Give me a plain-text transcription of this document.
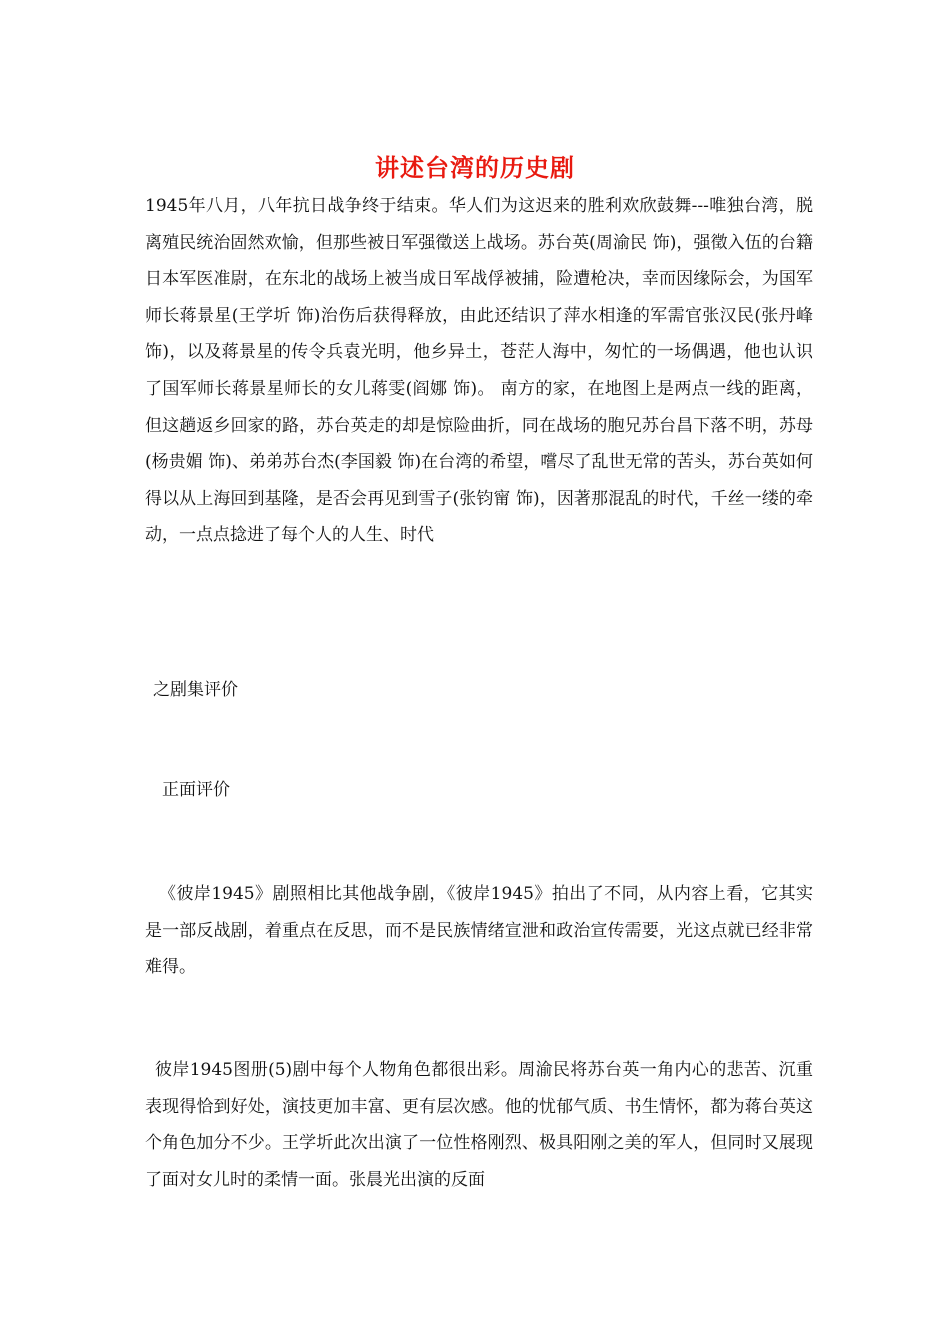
讲述台湾的历史剧

1945年八月，八年抗日战争终于结束。华人们为这迟来的胜利欢欣鼓舞---唯独台湾，脱离殖民统治固然欢愉，但那些被日军强徵送上战场。苏台英(周渝民 饰)，强徵入伍的台籍日本军医准尉，在东北的战场上被当成日军战俘被捕，险遭枪决，幸而因缘际会，为国军师长蒋景星(王学圻 饰)治伤后获得释放，由此还结识了萍水相逢的军需官张汉民(张丹峰 饰)，以及蒋景星的传令兵袁光明，他乡异土，苍茫人海中，匆忙的一场偶遇，他也认识了国军师长蒋景星师长的女儿蒋雯(阎娜 饰)。 南方的家，在地图上是两点一线的距离，但这趟返乡回家的路，苏台英走的却是惊险曲折，同在战场的胞兄苏台昌下落不明，苏母(杨贵媚 饰)、弟弟苏台杰(李国毅 饰)在台湾的希望，嚐尽了乱世无常的苦头，苏台英如何得以从上海回到基隆，是否会再见到雪子(张钧甯 饰)，因著那混乱的时代，千丝一缕的牵动，一点点捻进了每个人的人生、时代

之剧集评价

正面评价

《彼岸1945》剧照相比其他战争剧，《彼岸1945》拍出了不同，从内容上看，它其实是一部反战剧，着重点在反思，而不是民族情绪宣泄和政治宣传需要，光这点就已经非常难得。

彼岸1945图册(5)剧中每个人物角色都很出彩。周渝民将苏台英一角内心的悲苦、沉重表现得恰到好处，演技更加丰富、更有层次感。他的忧郁气质、书生情怀，都为蒋台英这个角色加分不少。王学圻此次出演了一位性格刚烈、极具阳刚之美的军人，但同时又展现了面对女儿时的柔情一面。张晨光出演的反面
